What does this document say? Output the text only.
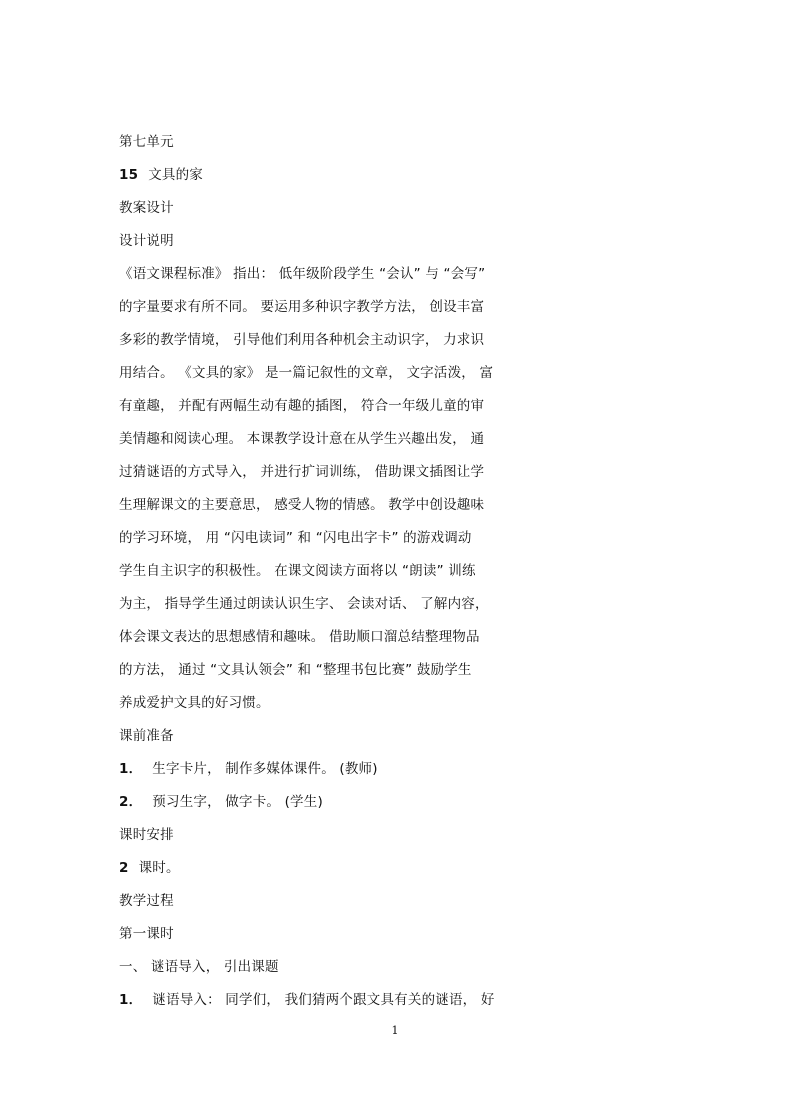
第七单元
15 文具的家
教案设计
设计说明
《语文课程标准》 指出： 低年级阶段学生 “会认” 与 “会写”
的字量要求有所不同。 要运用多种识字教学方法， 创设丰富
多彩的教学情境， 引导他们利用各种机会主动识字， 力求识
用结合。 《文具的家》 是一篇记叙性的文章， 文字活泼， 富
有童趣， 并配有两幅生动有趣的插图， 符合一年级儿童的审
美情趣和阅读心理。 本课教学设计意在从学生兴趣出发， 通
过猜谜语的方式导入， 并进行扩词训练， 借助课文插图让学
生理解课文的主要意思， 感受人物的情感。 教学中创设趣味
的学习环境， 用 “闪电读词” 和 “闪电出字卡” 的游戏调动
学生自主识字的积极性。 在课文阅读方面将以 “朗读” 训练
为主， 指导学生通过朗读认识生字、 会读对话、 了解内容，
体会课文表达的思想感情和趣味。 借助顺口溜总结整理物品
的方法， 通过 “文具认领会” 和 “整理书包比赛” 鼓励学生
养成爱护文具的好习惯。
课前准备
1． 生字卡片， 制作多媒体课件。 (教师)
2． 预习生字， 做字卡。 (学生)
课时安排
2 课时。
教学过程
第一课时
一、 谜语导入， 引出课题
1． 谜语导入： 同学们， 我们猜两个跟文具有关的谜语， 好
1
